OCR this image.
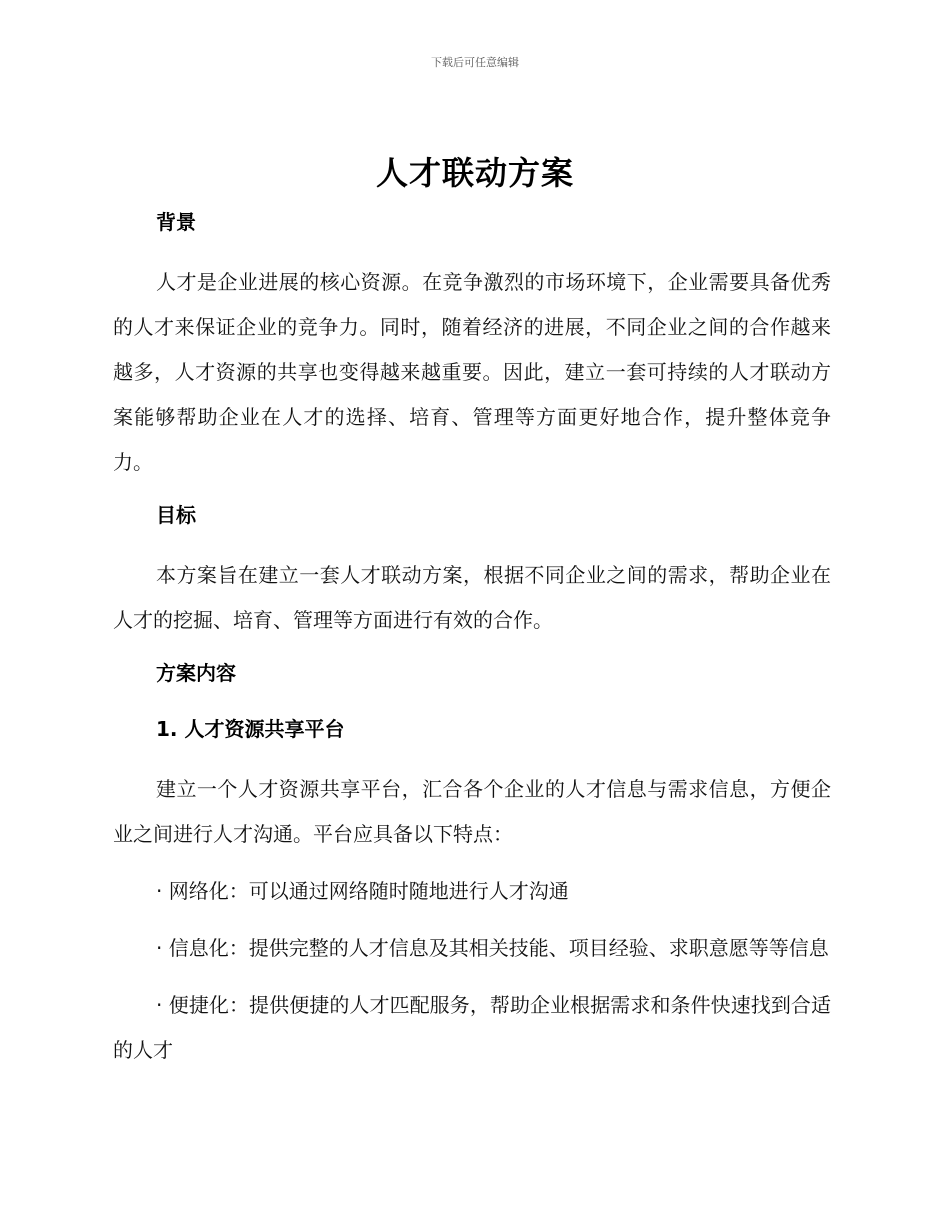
下载后可任意编辑
人才联动方案
背景

人才是企业进展的核心资源。在竞争激烈的市场环境下，企业需要具备优秀的人才来保证企业的竞争力。同时，随着经济的进展，不同企业之间的合作越来越多，人才资源的共享也变得越来越重要。因此，建立一套可持续的人才联动方案能够帮助企业在人才的选择、培育、管理等方面更好地合作，提升整体竞争力。

目标

本方案旨在建立一套人才联动方案，根据不同企业之间的需求，帮助企业在人才的挖掘、培育、管理等方面进行有效的合作。

方案内容
1. 人才资源共享平台

建立一个人才资源共享平台，汇合各个企业的人才信息与需求信息，方便企业之间进行人才沟通。平台应具备以下特点：

· 网络化：可以通过网络随时随地进行人才沟通

· 信息化：提供完整的人才信息及其相关技能、项目经验、求职意愿等等信息

· 便捷化：提供便捷的人才匹配服务，帮助企业根据需求和条件快速找到合适的人才
